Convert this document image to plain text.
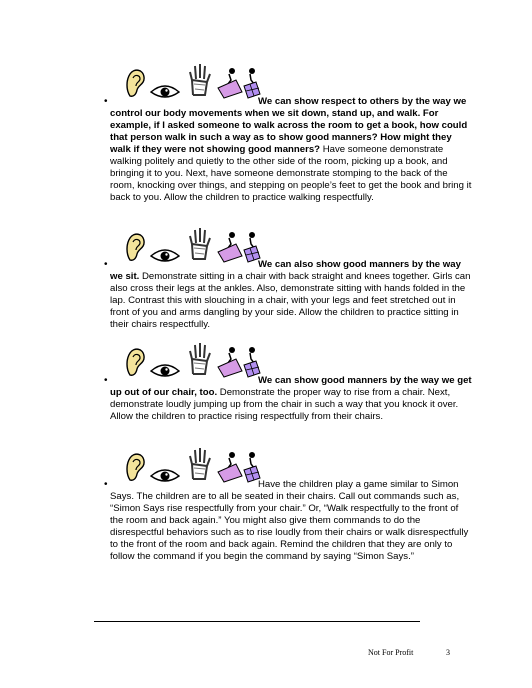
•	We can show respect to others by the way we control our body movements when we sit down, stand up, and walk. For example, if I asked someone to walk across the room to get a book, how could that person walk in such a way as to show good manners? How might they walk if they were not showing good manners? Have someone demonstrate walking politely and quietly to the other side of the room, picking up a book, and bringing it to you. Next, have someone demonstrate stomping to the back of the room, knocking over things, and stepping on people’s feet to get the book and bring it back to you. Allow the children to practice walking respectfully.

•	We can also show good manners by the way we sit. Demonstrate sitting in a chair with back straight and knees together. Girls can also cross their legs at the ankles. Also, demonstrate sitting with hands folded in the lap. Contrast this with slouching in a chair, with your legs and feet stretched out in front of you and arms dangling by your side. Allow the children to practice sitting in their chairs respectfully.

•	We can show good manners by the way we get up out of our chair, too. Demonstrate the proper way to rise from a chair. Next, demonstrate loudly jumping up from the chair in such a way that you knock it over. Allow the children to practice rising respectfully from their chairs.

•	Have the children play a game similar to Simon Says. The children are to all be seated in their chairs. Call out commands such as, “Simon Says rise respectfully from your chair.” Or, “Walk respectfully to the front of the room and back again.” You might also give them commands to do the disrespectful behaviors such as to rise loudly from their chairs or walk disrespectfully to the front of the room and back again. Remind the children that they are only to follow the command if you begin the command by saying “Simon Says.”

Not For Profit	3
